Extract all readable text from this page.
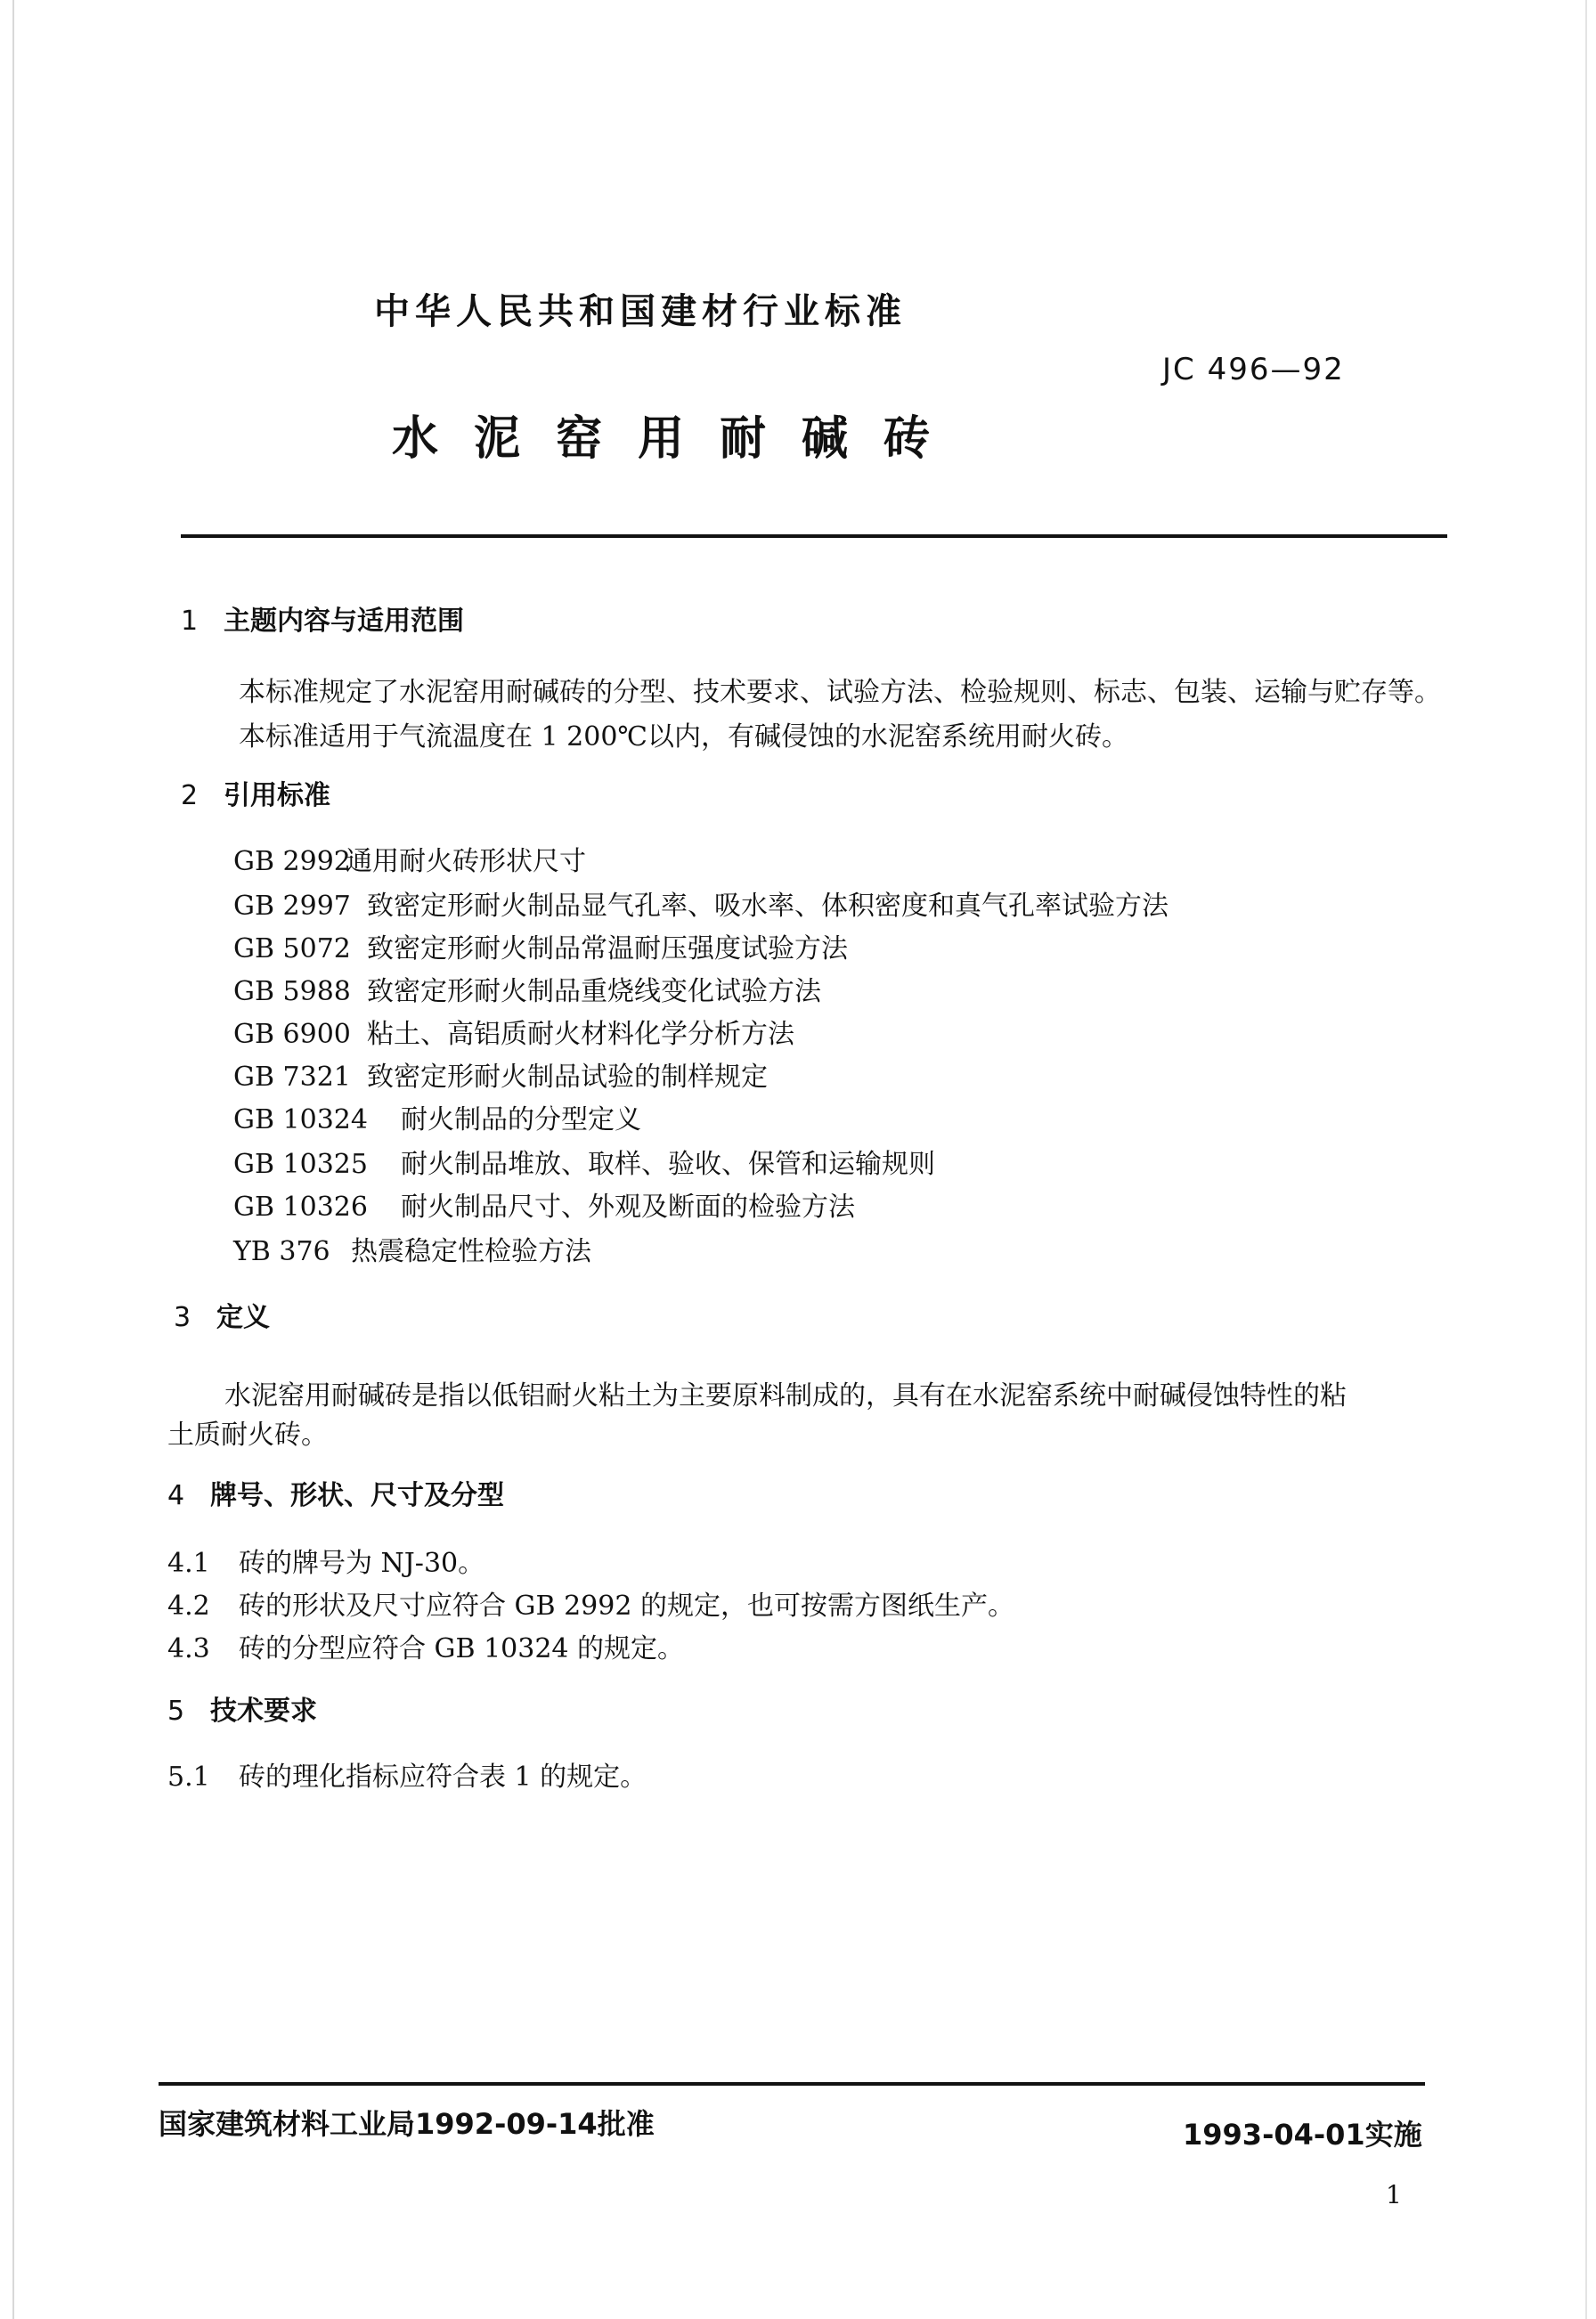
中华人民共和国建材行业标准
JC 496—92
水泥窑用耐碱砖
1 主题内容与适用范围
本标准规定了水泥窑用耐碱砖的分型、技术要求、试验方法、检验规则、标志、包装、运输与贮存等。
本标准适用于气流温度在 1 200℃以内，有碱侵蚀的水泥窑系统用耐火砖。
2 引用标准
GB 2992通用耐火砖形状尺寸
GB 2997 致密定形耐火制品显气孔率、吸水率、体积密度和真气孔率试验方法
GB 5072 致密定形耐火制品常温耐压强度试验方法
GB 5988 致密定形耐火制品重烧线变化试验方法
GB 6900 粘土、高铝质耐火材料化学分析方法
GB 7321 致密定形耐火制品试验的制样规定
GB 10324 耐火制品的分型定义
GB 10325 耐火制品堆放、取样、验收、保管和运输规则
GB 10326 耐火制品尺寸、外观及断面的检验方法
YB 376 热震稳定性检验方法
3 定义
水泥窑用耐碱砖是指以低铝耐火粘土为主要原料制成的，具有在水泥窑系统中耐碱侵蚀特性的粘
土质耐火砖。
4 牌号、形状、尺寸及分型
4.1 砖的牌号为 NJ-30。
4.2 砖的形状及尺寸应符合 GB 2992 的规定，也可按需方图纸生产。
4.3 砖的分型应符合 GB 10324 的规定。
5 技术要求
5.1 砖的理化指标应符合表 1 的规定。
国家建筑材料工业局1992-09-14批准	1993-04-01实施
1
